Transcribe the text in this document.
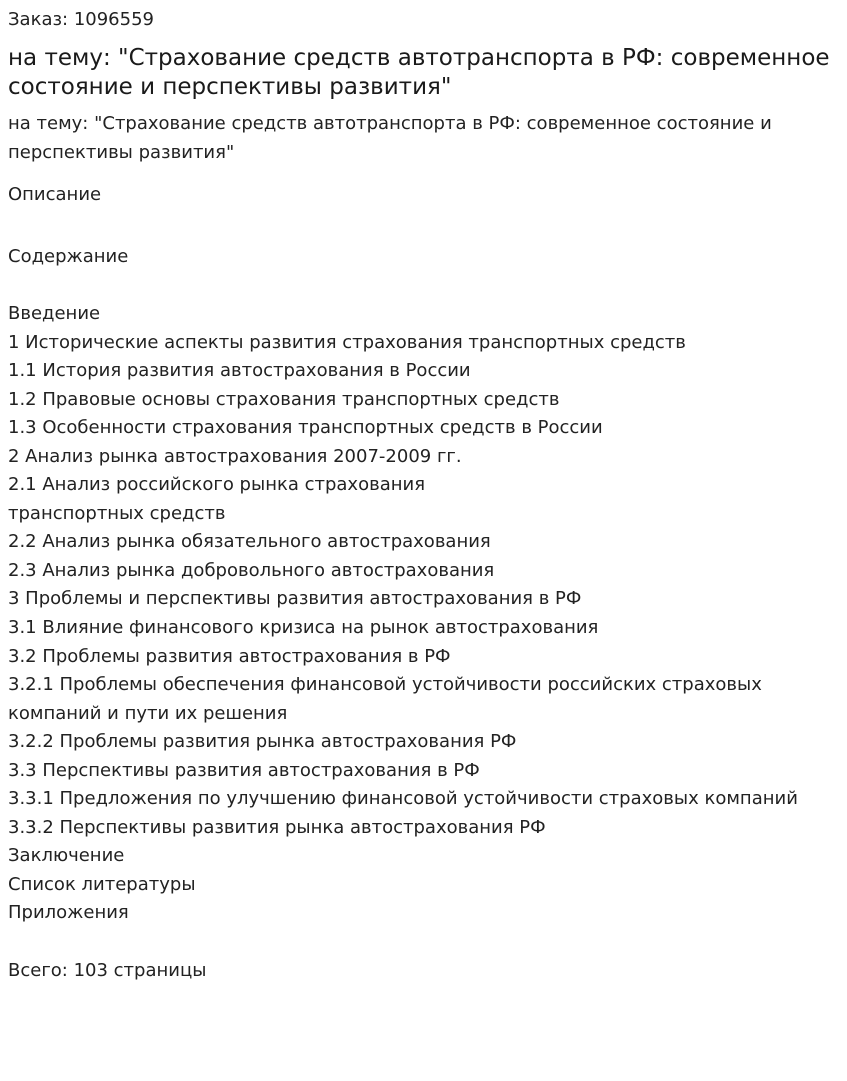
Заказ: 1096559
на тему: "Страхование средств автотранспорта в РФ: современное состояние и перспективы развития"
на тему: "Страхование средств автотранспорта в РФ: современное состояние и перспективы развития"
Описание
Содержание
Введение
1 Исторические аспекты развития страхования транспортных средств
1.1 История развития автострахования в России
1.2 Правовые основы страхования транспортных средств
1.3 Особенности страхования транспортных средств в России
2 Анализ рынка автострахования 2007-2009 гг.
2.1 Анализ российского рынка страхования
транспортных средств
2.2 Анализ рынка обязательного автострахования
2.3 Анализ рынка добровольного автострахования
3 Проблемы и перспективы развития автострахования в РФ
3.1 Влияние финансового кризиса на рынок автострахования
3.2 Проблемы развития автострахования в РФ
3.2.1 Проблемы обеспечения финансовой устойчивости российских страховых компаний и пути их решения
3.2.2 Проблемы развития рынка автострахования РФ
3.3 Перспективы развития автострахования в РФ
3.3.1 Предложения по улучшению финансовой устойчивости страховых компаний
3.3.2 Перспективы развития рынка автострахования РФ
Заключение
Список литературы
Приложения
Всего: 103 страницы
